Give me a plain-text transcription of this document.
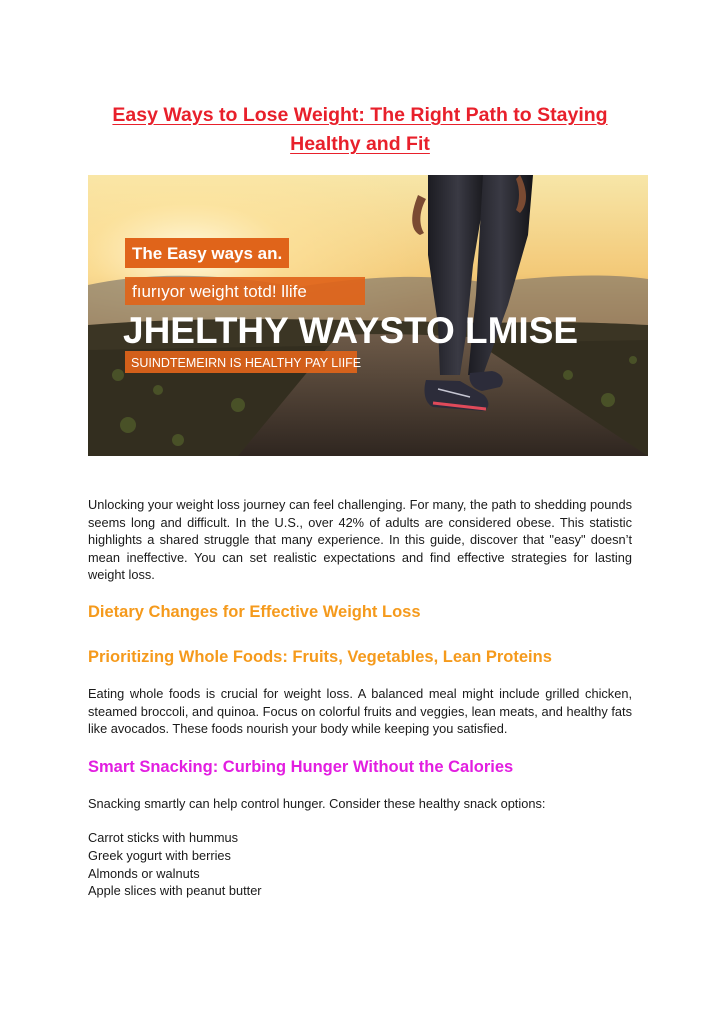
Easy Ways to Lose Weight: The Right Path to Staying Healthy and Fit
The Easy ways an.
fıurıyor weight totd! llife
JHELTHY WAYSTO LMISE
SUINDTEMEIRN IS HEALTHY PAY LIIFE

Unlocking your weight loss journey can feel challenging. For many, the path to shedding pounds seems long and difficult. In the U.S., over 42% of adults are considered obese. This statistic highlights a shared struggle that many experience. In this guide, discover that "easy" doesn’t mean ineffective. You can set realistic expectations and find effective strategies for lasting weight loss.

Dietary Changes for Effective Weight Loss
Prioritizing Whole Foods: Fruits, Vegetables, Lean Proteins

Eating whole foods is crucial for weight loss. A balanced meal might include grilled chicken, steamed broccoli, and quinoa. Focus on colorful fruits and veggies, lean meats, and healthy fats like avocados. These foods nourish your body while keeping you satisfied.

Smart Snacking: Curbing Hunger Without the Calories

Snacking smartly can help control hunger. Consider these healthy snack options:

Carrot sticks with hummus
Greek yogurt with berries
Almonds or walnuts
Apple slices with peanut butter
